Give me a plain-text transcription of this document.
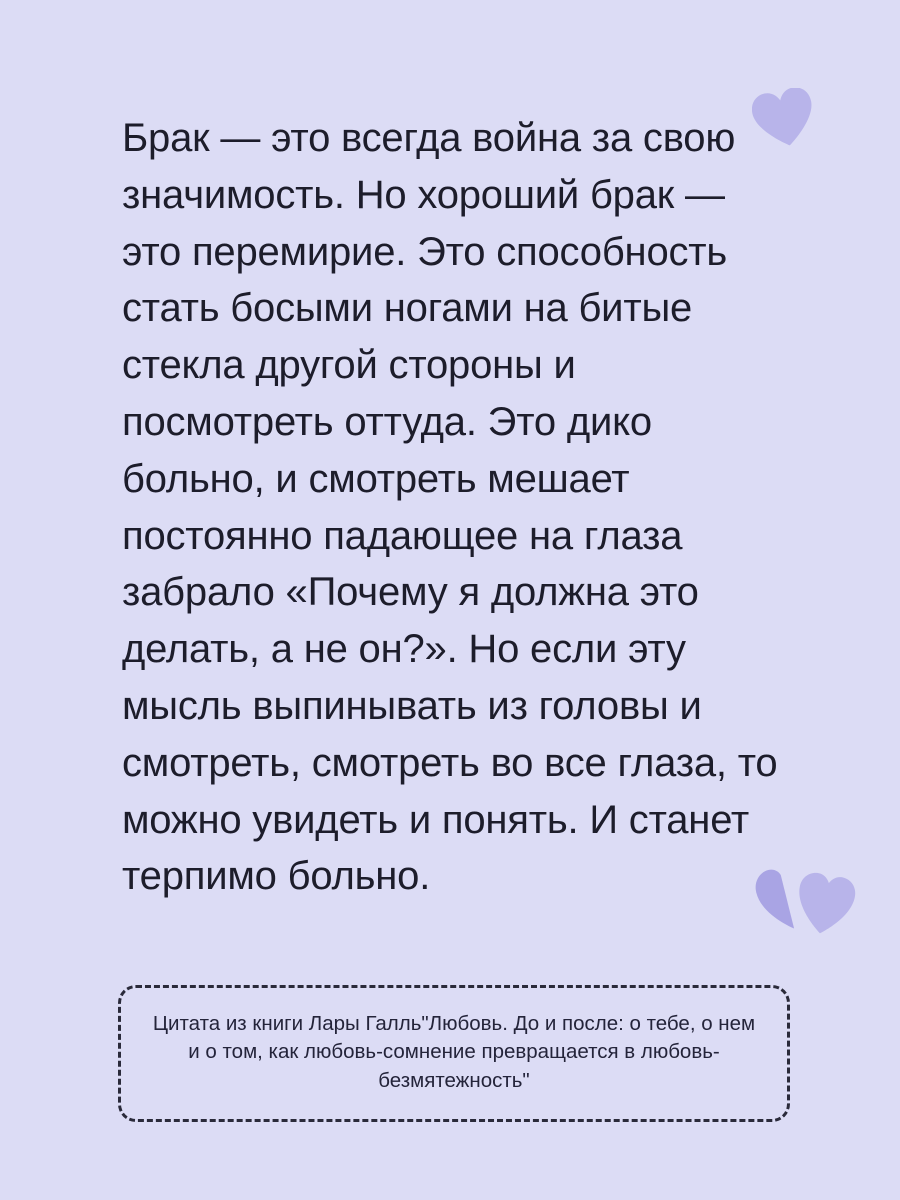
Брак — это всегда война за свою значимость. Но хороший брак — это перемирие. Это способность стать босыми ногами на битые стекла другой стороны и посмотреть оттуда. Это дико больно, и смотреть мешает постоянно падающее на глаза забрало «Почему я должна это делать, а не он?». Но если эту мысль выпинывать из головы и смотреть, смотреть во все глаза, то можно увидеть и понять. И станет терпимо больно.
Цитата из книги Лары Галль"Любовь. До и после: о тебе, о нем и о том, как любовь-сомнение превращается в любовь-безмятежность"
